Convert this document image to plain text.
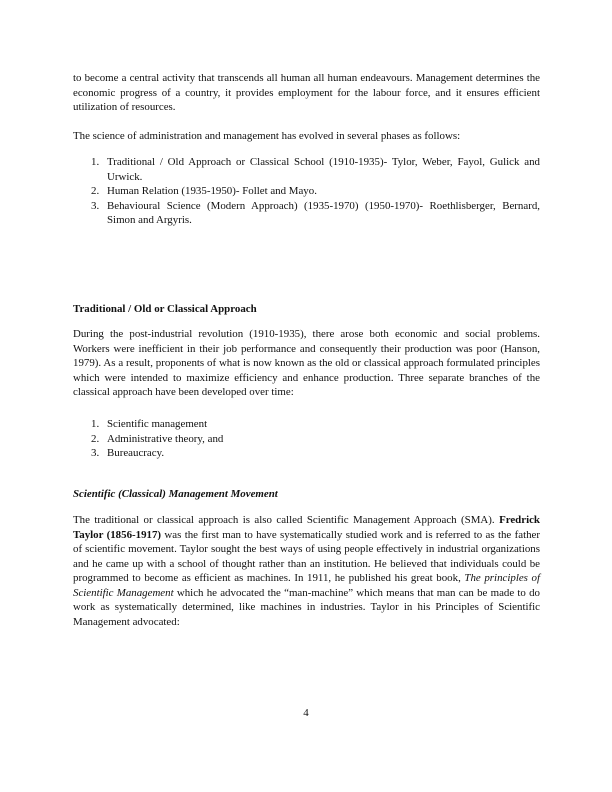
to become a central activity that transcends all human all human endeavours. Management determines the economic progress of a country, it provides employment for the labour force, and it ensures efficient utilization of resources.

The science of administration and management has evolved in several phases as follows:

1. Traditional / Old Approach or Classical School (1910-1935)- Tylor, Weber, Fayol, Gulick and Urwick.
2. Human Relation (1935-1950)- Follet and Mayo.
3. Behavioural Science (Modern Approach) (1935-1970) (1950-1970)- Roethlisberger, Bernard, Simon and Argyris.

Traditional / Old or Classical Approach

During the post-industrial revolution (1910-1935), there arose both economic and social problems. Workers were inefficient in their job performance and consequently their production was poor (Hanson, 1979). As a result, proponents of what is now known as the old or classical approach formulated principles which were intended to maximize efficiency and enhance production. Three separate branches of the classical approach have been developed over time:

1. Scientific management
2. Administrative theory, and
3. Bureaucracy.

Scientific (Classical) Management Movement

The traditional or classical approach is also called Scientific Management Approach (SMA). Fredrick Taylor (1856-1917) was the first man to have systematically studied work and is referred to as the father of scientific movement. Taylor sought the best ways of using people effectively in industrial organizations and he came up with a school of thought rather than an institution. He believed that individuals could be programmed to become as efficient as machines. In 1911, he published his great book, The principles of Scientific Management which he advocated the “man-machine” which means that man can be made to do work as systematically determined, like machines in industries. Taylor in his Principles of Scientific Management advocated:

4
